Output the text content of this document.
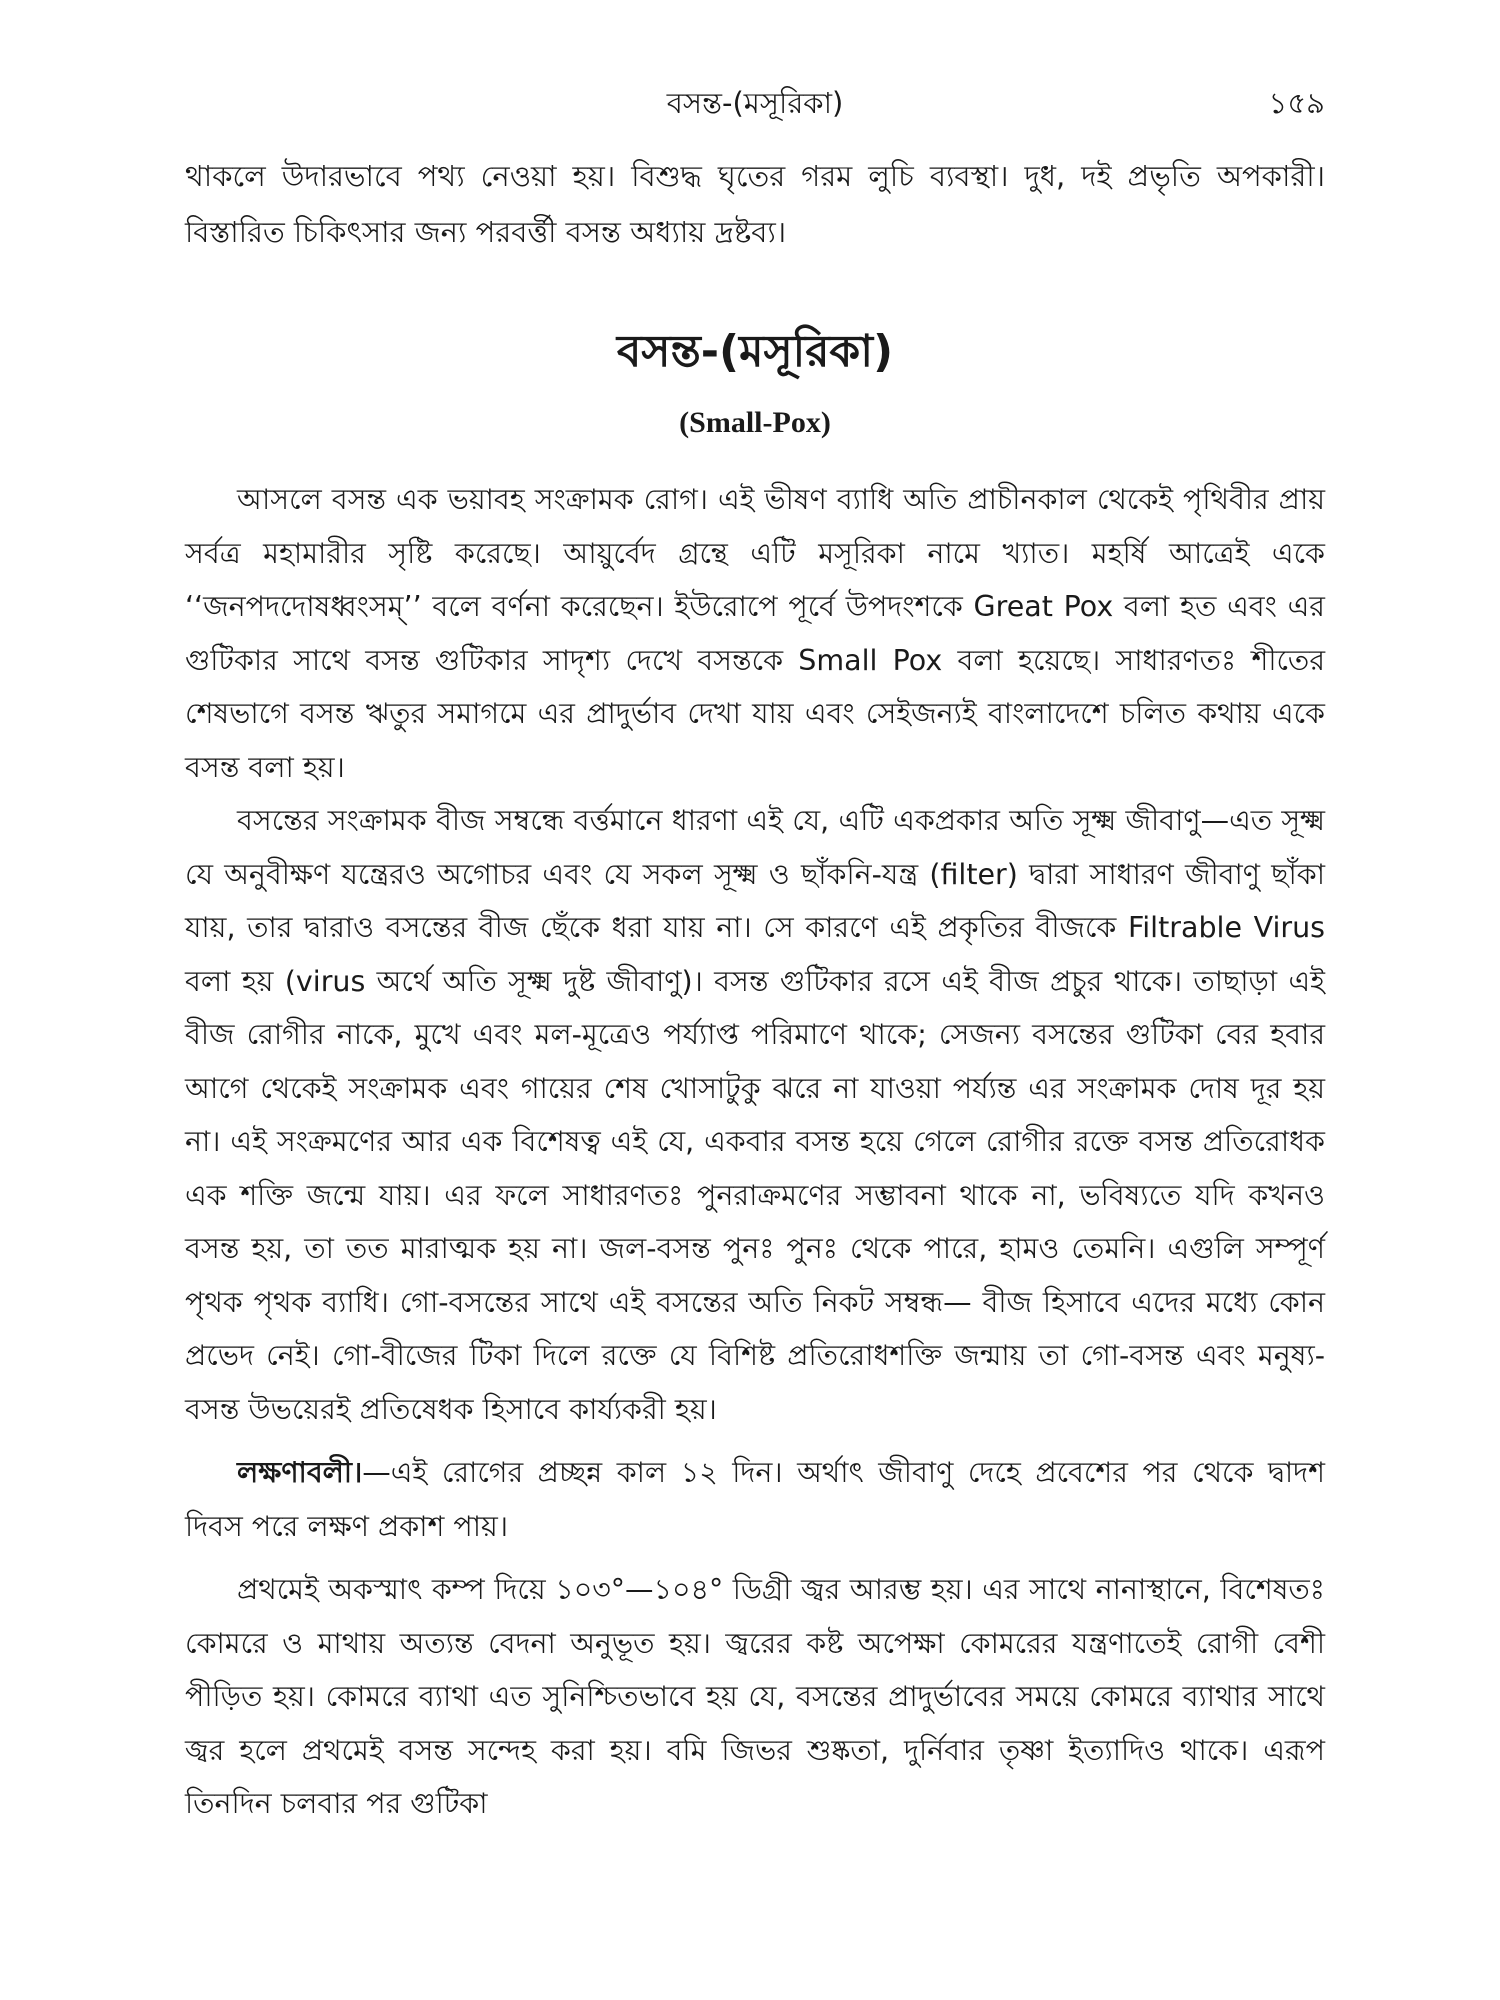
বসন্ত-(মসূরিকা)	১৫৯

থাকলে উদারভাবে পথ্য নেওয়া হয়। বিশুদ্ধ ঘৃতের গরম লুচি ব্যবস্থা। দুধ, দই প্রভৃতি অপকারী। বিস্তারিত চিকিৎসার জন্য পরবর্ত্তী বসন্ত অধ্যায় দ্রষ্টব্য।

বসন্ত-(মসূরিকা)
(Small-Pox)

আসলে বসন্ত এক ভয়াবহ সংক্রামক রোগ। এই ভীষণ ব্যাধি অতি প্রাচীনকাল থেকেই পৃথিবীর প্রায় সর্বত্র মহামারীর সৃষ্টি করেছে। আয়ুর্বেদ গ্রন্থে এটি মসূরিকা নামে খ্যাত। মহর্ষি আত্রেই একে ‘‘জনপদদোষধ্বংসম্’’ বলে বর্ণনা করেছেন। ইউরোপে পূর্বে উপদংশকে Great Pox বলা হত এবং এর গুটিকার সাথে বসন্ত গুটিকার সাদৃশ্য দেখে বসন্তকে Small Pox বলা হয়েছে। সাধারণতঃ শীতের শেষভাগে বসন্ত ঋতুর সমাগমে এর প্রাদুর্ভাব দেখা যায় এবং সেইজন্যই বাংলাদেশে চলিত কথায় একে বসন্ত বলা হয়।

বসন্তের সংক্রামক বীজ সম্বন্ধে বর্ত্তমানে ধারণা এই যে, এটি একপ্রকার অতি সূক্ষ্ম জীবাণু—এত সূক্ষ্ম যে অনুবীক্ষণ যন্ত্রেরও অগোচর এবং যে সকল সূক্ষ্ম ও ছাঁকনি-যন্ত্র (filter) দ্বারা সাধারণ জীবাণু ছাঁকা যায়, তার দ্বারাও বসন্তের বীজ ছেঁকে ধরা যায় না। সে কারণে এই প্রকৃতির বীজকে Filtrable Virus বলা হয় (virus অর্থে অতি সূক্ষ্ম দুষ্ট জীবাণু)। বসন্ত গুটিকার রসে এই বীজ প্রচুর থাকে। তাছাড়া এই বীজ রোগীর নাকে, মুখে এবং মল-মূত্রেও পর্য্যাপ্ত পরিমাণে থাকে; সেজন্য বসন্তের গুটিকা বের হবার আগে থেকেই সংক্রামক এবং গায়ের শেষ খোসাটুকু ঝরে না যাওয়া পর্য্যন্ত এর সংক্রামক দোষ দূর হয় না। এই সংক্রমণের আর এক বিশেষত্ব এই যে, একবার বসন্ত হয়ে গেলে রোগীর রক্তে বসন্ত প্রতিরোধক এক শক্তি জন্মে যায়। এর ফলে সাধারণতঃ পুনরাক্রমণের সম্ভাবনা থাকে না, ভবিষ্যতে যদি কখনও বসন্ত হয়, তা তত মারাত্মক হয় না। জল-বসন্ত পুনঃ পুনঃ থেকে পারে, হামও তেমনি। এগুলি সম্পূর্ণ পৃথক পৃথক ব্যাধি। গো-বসন্তের সাথে এই বসন্তের অতি নিকট সম্বন্ধ— বীজ হিসাবে এদের মধ্যে কোন প্রভেদ নেই। গো-বীজের টিকা দিলে রক্তে যে বিশিষ্ট প্রতিরোধশক্তি জন্মায় তা গো-বসন্ত এবং মনুষ্য-বসন্ত উভয়েরই প্রতিষেধক হিসাবে কার্য্যকরী হয়।

লক্ষণাবলী।—এই রোগের প্রচ্ছন্ন কাল ১২ দিন। অর্থাৎ জীবাণু দেহে প্রবেশের পর থেকে দ্বাদশ দিবস পরে লক্ষণ প্রকাশ পায়।

প্রথমেই অকস্মাৎ কম্প দিয়ে ১০৩°—১০৪° ডিগ্রী জ্বর আরম্ভ হয়। এর সাথে নানাস্থানে, বিশেষতঃ কোমরে ও মাথায় অত্যন্ত বেদনা অনুভূত হয়। জ্বরের কষ্ট অপেক্ষা কোমরের যন্ত্রণাতেই রোগী বেশী পীড়িত হয়। কোমরে ব্যাথা এত সুনিশ্চিতভাবে হয় যে, বসন্তের প্রাদুর্ভাবের সময়ে কোমরে ব্যাথার সাথে জ্বর হলে প্রথমেই বসন্ত সন্দেহ করা হয়। বমি জিভর শুষ্কতা, দুর্নিবার তৃষ্ণা ইত্যাদিও থাকে। এরূপ তিনদিন চলবার পর গুটিকা
